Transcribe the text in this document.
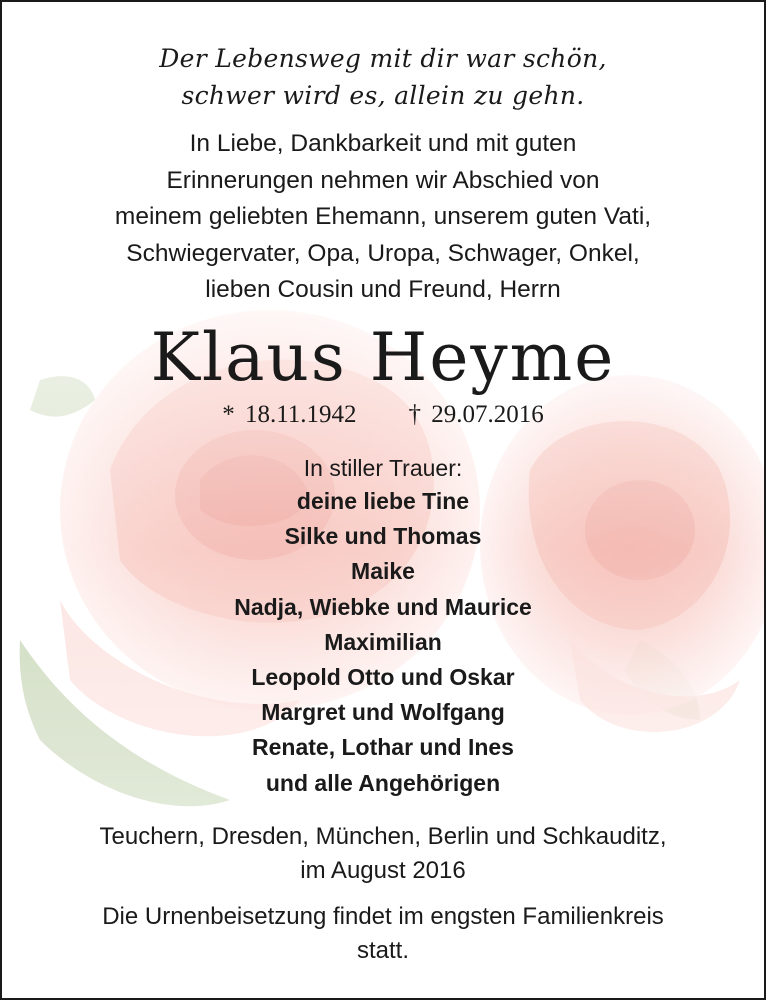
Der Lebensweg mit dir war schön,
schwer wird es, allein zu gehn.
In Liebe, Dankbarkeit und mit guten
Erinnerungen nehmen wir Abschied von
meinem geliebten Ehemann, unserem guten Vati,
Schwiegervater, Opa, Uropa, Schwager, Onkel,
lieben Cousin und Freund, Herrn
Klaus Heyme
* 18.11.1942 † 29.07.2016
In stiller Trauer:
deine liebe Tine
Silke und Thomas
Maike
Nadja, Wiebke und Maurice
Maximilian
Leopold Otto und Oskar
Margret und Wolfgang
Renate, Lothar und Ines
und alle Angehörigen
Teuchern, Dresden, München, Berlin und Schkauditz,
im August 2016
Die Urnenbeisetzung findet im engsten Familienkreis
statt.
